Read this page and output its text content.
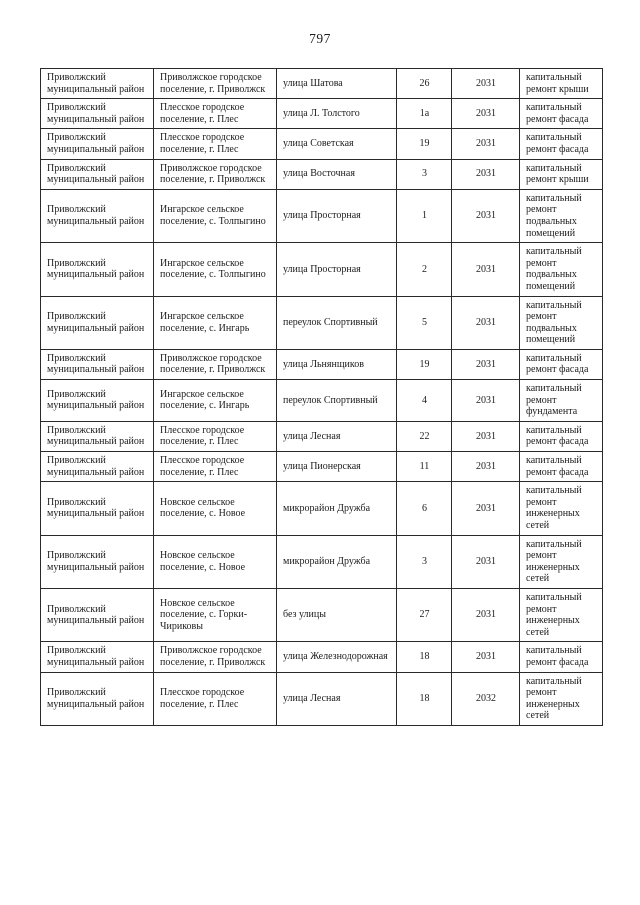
797
Приволжский муниципальный район	Приволжское городское поселение, г. Приволжск	улица Шатова	26	2031	капитальный ремонт крыши
Приволжский муниципальный район	Плесское городское поселение, г. Плес	улица Л. Толстого	1а	2031	капитальный ремонт фасада
Приволжский муниципальный район	Плесское городское поселение, г. Плес	улица Советская	19	2031	капитальный ремонт фасада
Приволжский муниципальный район	Приволжское городское поселение, г. Приволжск	улица Восточная	3	2031	капитальный ремонт крыши
Приволжский муниципальный район	Ингарское сельское поселение, с. Толпыгино	улица Просторная	1	2031	капитальный ремонт подвальных помещений
Приволжский муниципальный район	Ингарское сельское поселение, с. Толпыгино	улица Просторная	2	2031	капитальный ремонт подвальных помещений
Приволжский муниципальный район	Ингарское сельское поселение, с. Ингарь	переулок Спортивный	5	2031	капитальный ремонт подвальных помещений
Приволжский муниципальный район	Приволжское городское поселение, г. Приволжск	улица Льнянщиков	19	2031	капитальный ремонт фасада
Приволжский муниципальный район	Ингарское сельское поселение, с. Ингарь	переулок Спортивный	4	2031	капитальный ремонт фундамента
Приволжский муниципальный район	Плесское городское поселение, г. Плес	улица Лесная	22	2031	капитальный ремонт фасада
Приволжский муниципальный район	Плесское городское поселение, г. Плес	улица Пионерская	11	2031	капитальный ремонт фасада
Приволжский муниципальный район	Новское сельское поселение, с. Новое	микрорайон Дружба	6	2031	капитальный ремонт инженерных сетей
Приволжский муниципальный район	Новское сельское поселение, с. Новое	микрорайон Дружба	3	2031	капитальный ремонт инженерных сетей
Приволжский муниципальный район	Новское сельское поселение, с. Горки-Чириковы	без улицы	27	2031	капитальный ремонт инженерных сетей
Приволжский муниципальный район	Приволжское городское поселение, г. Приволжск	улица Железнодорожная	18	2031	капитальный ремонт фасада
Приволжский муниципальный район	Плесское городское поселение, г. Плес	улица Лесная	18	2032	капитальный ремонт инженерных сетей
